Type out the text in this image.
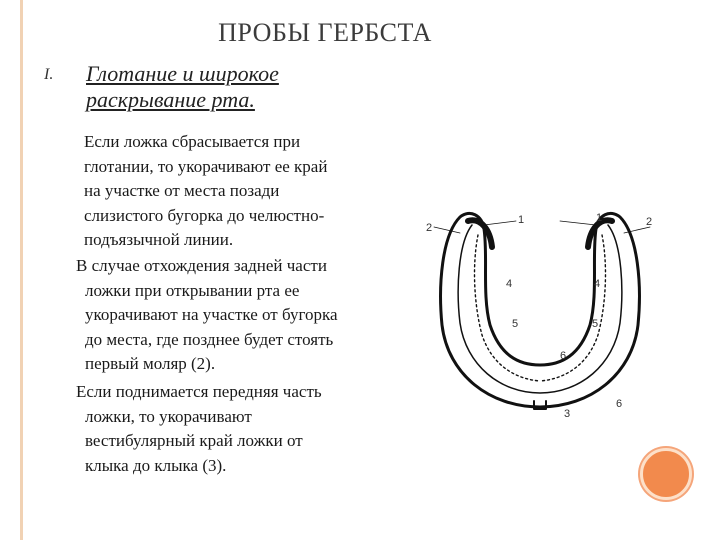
ПРОБЫ ГЕРБСТА
I. Глотание и широкое
раскрывание рта.
Если ложка сбрасывается при
глотании, то укорачивают ее край
на участке от места позади
слизистого бугорка до челюстно-
подъязычной линии.
В случае отхождения задней части
ложки при открывании рта ее
укорачивают на участке от бугорка
до места, где позднее будет стоять
первый моляр (2).
Если поднимается передняя часть
ложки, то укорачивают
вестибулярный край ложки от
клыка до клыка (3).
2
1	1	2
4	4
5	5
6
3
6
